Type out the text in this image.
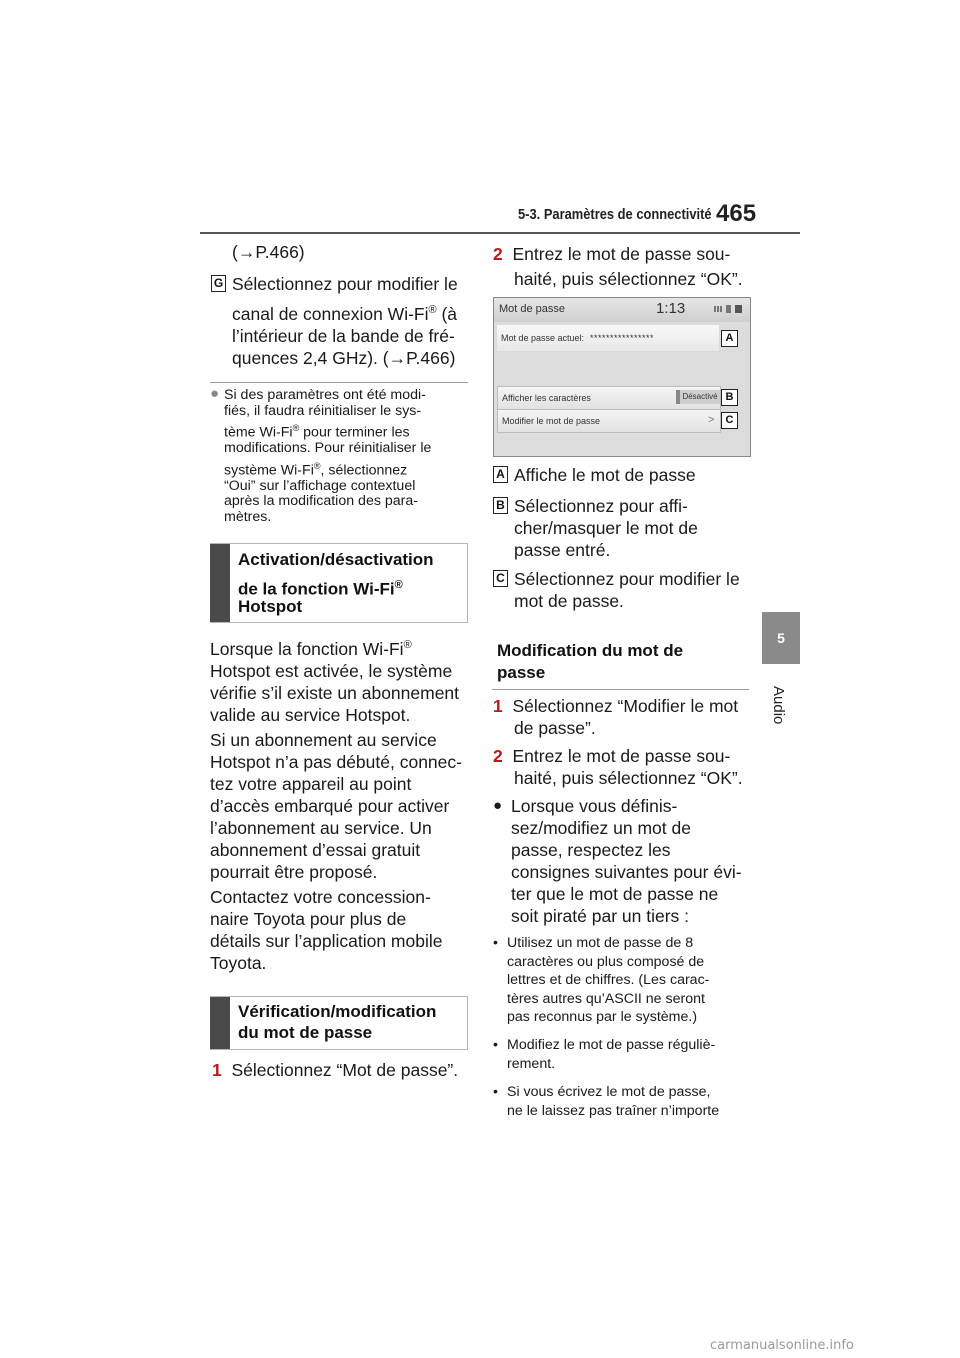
5-3. Paramètres de connectivité 465
5
Audio
(→P.466)
G Sélectionnez pour modifier le
canal de connexion Wi-Fi® (à
l’intérieur de la bande de fré-
quences 2,4 GHz). (→P.466)
● Si des paramètres ont été modi-
fiés, il faudra réinitialiser le sys-
tème Wi-Fi® pour terminer les
modifications. Pour réinitialiser le
système Wi-Fi®, sélectionnez
“Oui” sur l’affichage contextuel
après la modification des para-
mètres.
Activation/désactivation
de la fonction Wi-Fi®
Hotspot
Lorsque la fonction Wi-Fi®
Hotspot est activée, le système
vérifie s’il existe un abonnement
valide au service Hotspot.
Si un abonnement au service
Hotspot n’a pas débuté, connec-
tez votre appareil au point
d’accès embarqué pour activer
l’abonnement au service. Un
abonnement d’essai gratuit
pourrait être proposé.
Contactez votre concession-
naire Toyota pour plus de
détails sur l’application mobile
Toyota.
Vérification/modification
du mot de passe
1 Sélectionnez “Mot de passe”.
2 Entrez le mot de passe sou-
haité, puis sélectionnez “OK”.
Mot de passe	1:13
Mot de passe actuel: ****************	A
Afficher les caractères	Désactivé B
Modifier le mot de passe	>	C
A Affiche le mot de passe
B Sélectionnez pour affi-
cher/masquer le mot de
passe entré.
C Sélectionnez pour modifier le
mot de passe.
Modification du mot de
passe
1 Sélectionnez “Modifier le mot
de passe”.
2 Entrez le mot de passe sou-
haité, puis sélectionnez “OK”.
● Lorsque vous définis-
sez/modifiez un mot de
passe, respectez les
consignes suivantes pour évi-
ter que le mot de passe ne
soit piraté par un tiers :
• Utilisez un mot de passe de 8
caractères ou plus composé de
lettres et de chiffres. (Les carac-
tères autres qu’ASCII ne seront
pas reconnus par le système.)
• Modifiez le mot de passe réguliè-
rement.
• Si vous écrivez le mot de passe,
ne le laissez pas traîner n’importe
carmanualsonline.info
